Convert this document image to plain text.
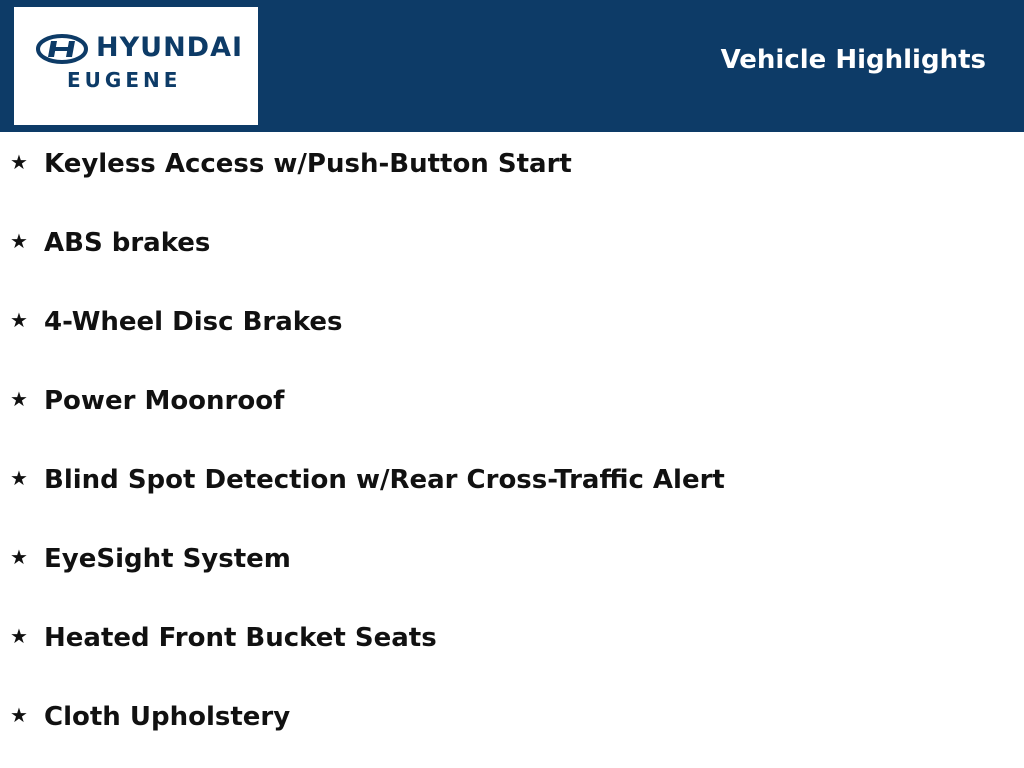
HYUNDAI
EUGENE
Vehicle Highlights
★ Keyless Access w/Push-Button Start
★ ABS brakes
★ 4-Wheel Disc Brakes
★ Power Moonroof
★ Blind Spot Detection w/Rear Cross-Traffic Alert
★ EyeSight System
★ Heated Front Bucket Seats
★ Cloth Upholstery
